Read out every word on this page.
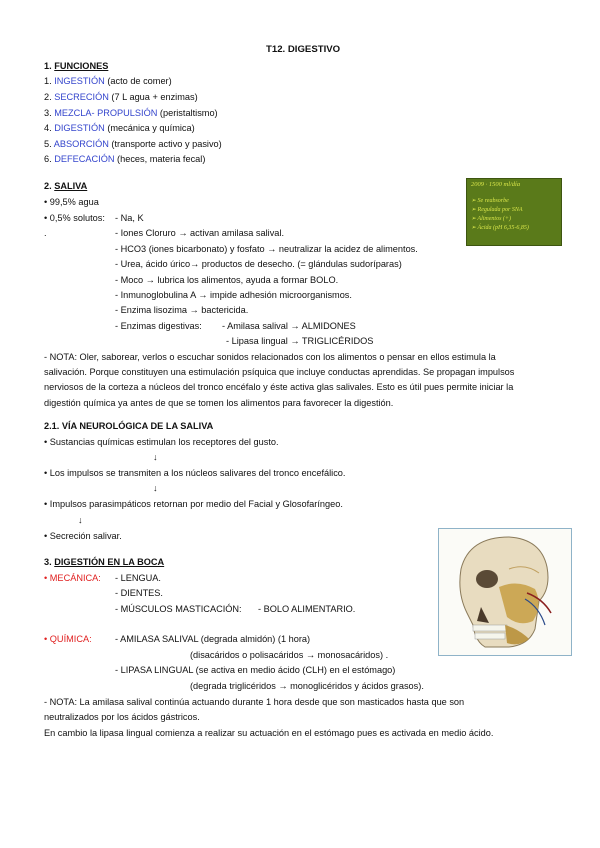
T12. DIGESTIVO
1. FUNCIONES
1. INGESTIÓN (acto de comer)
2. SECRECIÓN (7 L agua + enzimas)
3. MEZCLA- PROPULSIÓN (peristaltismo)
4. DIGESTIÓN (mecánica y química)
5. ABSORCIÓN (transporte activo y pasivo)
6. DEFECACIÓN (heces, materia fecal)
2. SALIVA
• 99,5% agua
• 0,5% solutos:
.
- Na, K
- Iones Cloruro → activan amilasa salival.
- HCO3 (iones bicarbonato) y fosfato → neutralizar la acidez de alimentos.
- Urea, ácido úrico→ productos de desecho. (= glándulas sudoríparas)
- Moco → lubrica los alimentos, ayuda a formar BOLO.
- Inmunoglobulina A → impide adhesión microorganismos.
- Enzima lisozima → bactericida.
- Enzimas digestivas: - Amilasa salival → ALMIDONES
- Lipasa lingual → TRIGLICÉRIDOS
- NOTA: Oler, saborear, verlos o escuchar sonidos relacionados con los alimentos o pensar en ellos estimula la
salivación. Porque constituyen una estimulación psíquica que incluye conductas aprendidas. Se propagan impulsos
nerviosos de la corteza a núcleos del tronco encéfalo y éste activa glas salivales. Esto es útil pues permite iniciar la
digestión química ya antes de que se tomen los alimentos para favorecer la digestión.
2009 · 1500 ml/día
➢ Se reabsorbe
➢ Regulada por SNA
➢ Alimentos (+)
➢ Ácida (pH 6,35-6,85)
2.1. VÍA NEUROLÓGICA DE LA SALIVA
• Sustancias químicas estimulan los receptores del gusto.
↓
• Los impulsos se transmiten a los núcleos salivares del tronco encefálico.
↓
• Impulsos parasimpáticos retornan por medio del Facial y Glosofaríngeo.
↓
• Secreción salivar.
3. DIGESTIÓN EN LA BOCA
• MECÁNICA: - LENGUA.
- DIENTES.
- MÚSCULOS MASTICACIÓN: - BOLO ALIMENTARIO.
• QUÍMICA:	- AMILASA SALIVAL (degrada almidón) (1 hora)
(disacáridos o polisacáridos → monosacáridos) .
- LIPASA LINGUAL (se activa en medio ácido (CLH) en el estómago)
(degrada triglicéridos → monoglicéridos y ácidos grasos).
- NOTA: La amilasa salival continúa actuando durante 1 hora desde que son masticados hasta que son
neutralizados por los ácidos gástricos.
En cambio la lipasa lingual comienza a realizar su actuación en el estómago pues es activada en medio ácido.
